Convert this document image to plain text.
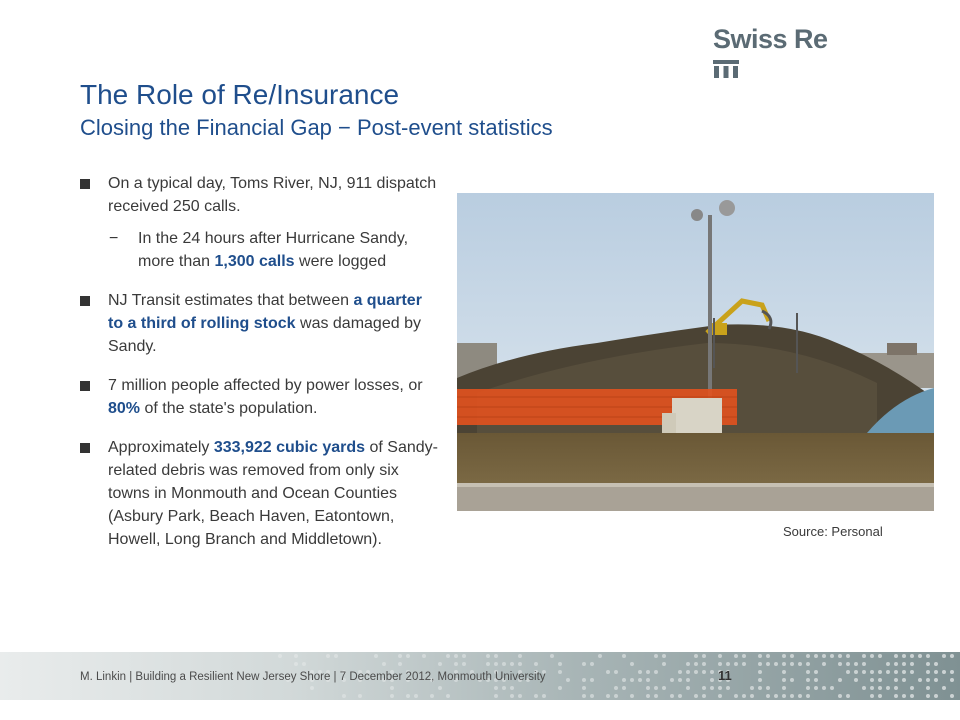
Swiss Re
The Role of Re/Insurance
Closing the Financial Gap − Post-event statistics
On a typical day, Toms River, NJ, 911 dispatch received 250 calls.
− In the 24 hours after Hurricane Sandy, more than 1,300 calls were logged
NJ Transit estimates that between a quarter to a third of rolling stock was damaged by Sandy.
7 million people affected by power losses, or 80% of the state's population.
Approximately 333,922 cubic yards of Sandy-related debris was removed from only six towns in Monmouth and Ocean Counties (Asbury Park, Beach Haven, Eatontown, Howell, Long Branch and Middletown).	Source: Personal
M. Linkin | Building a Resilient New Jersey Shore | 7 December 2012, Monmouth University	11
